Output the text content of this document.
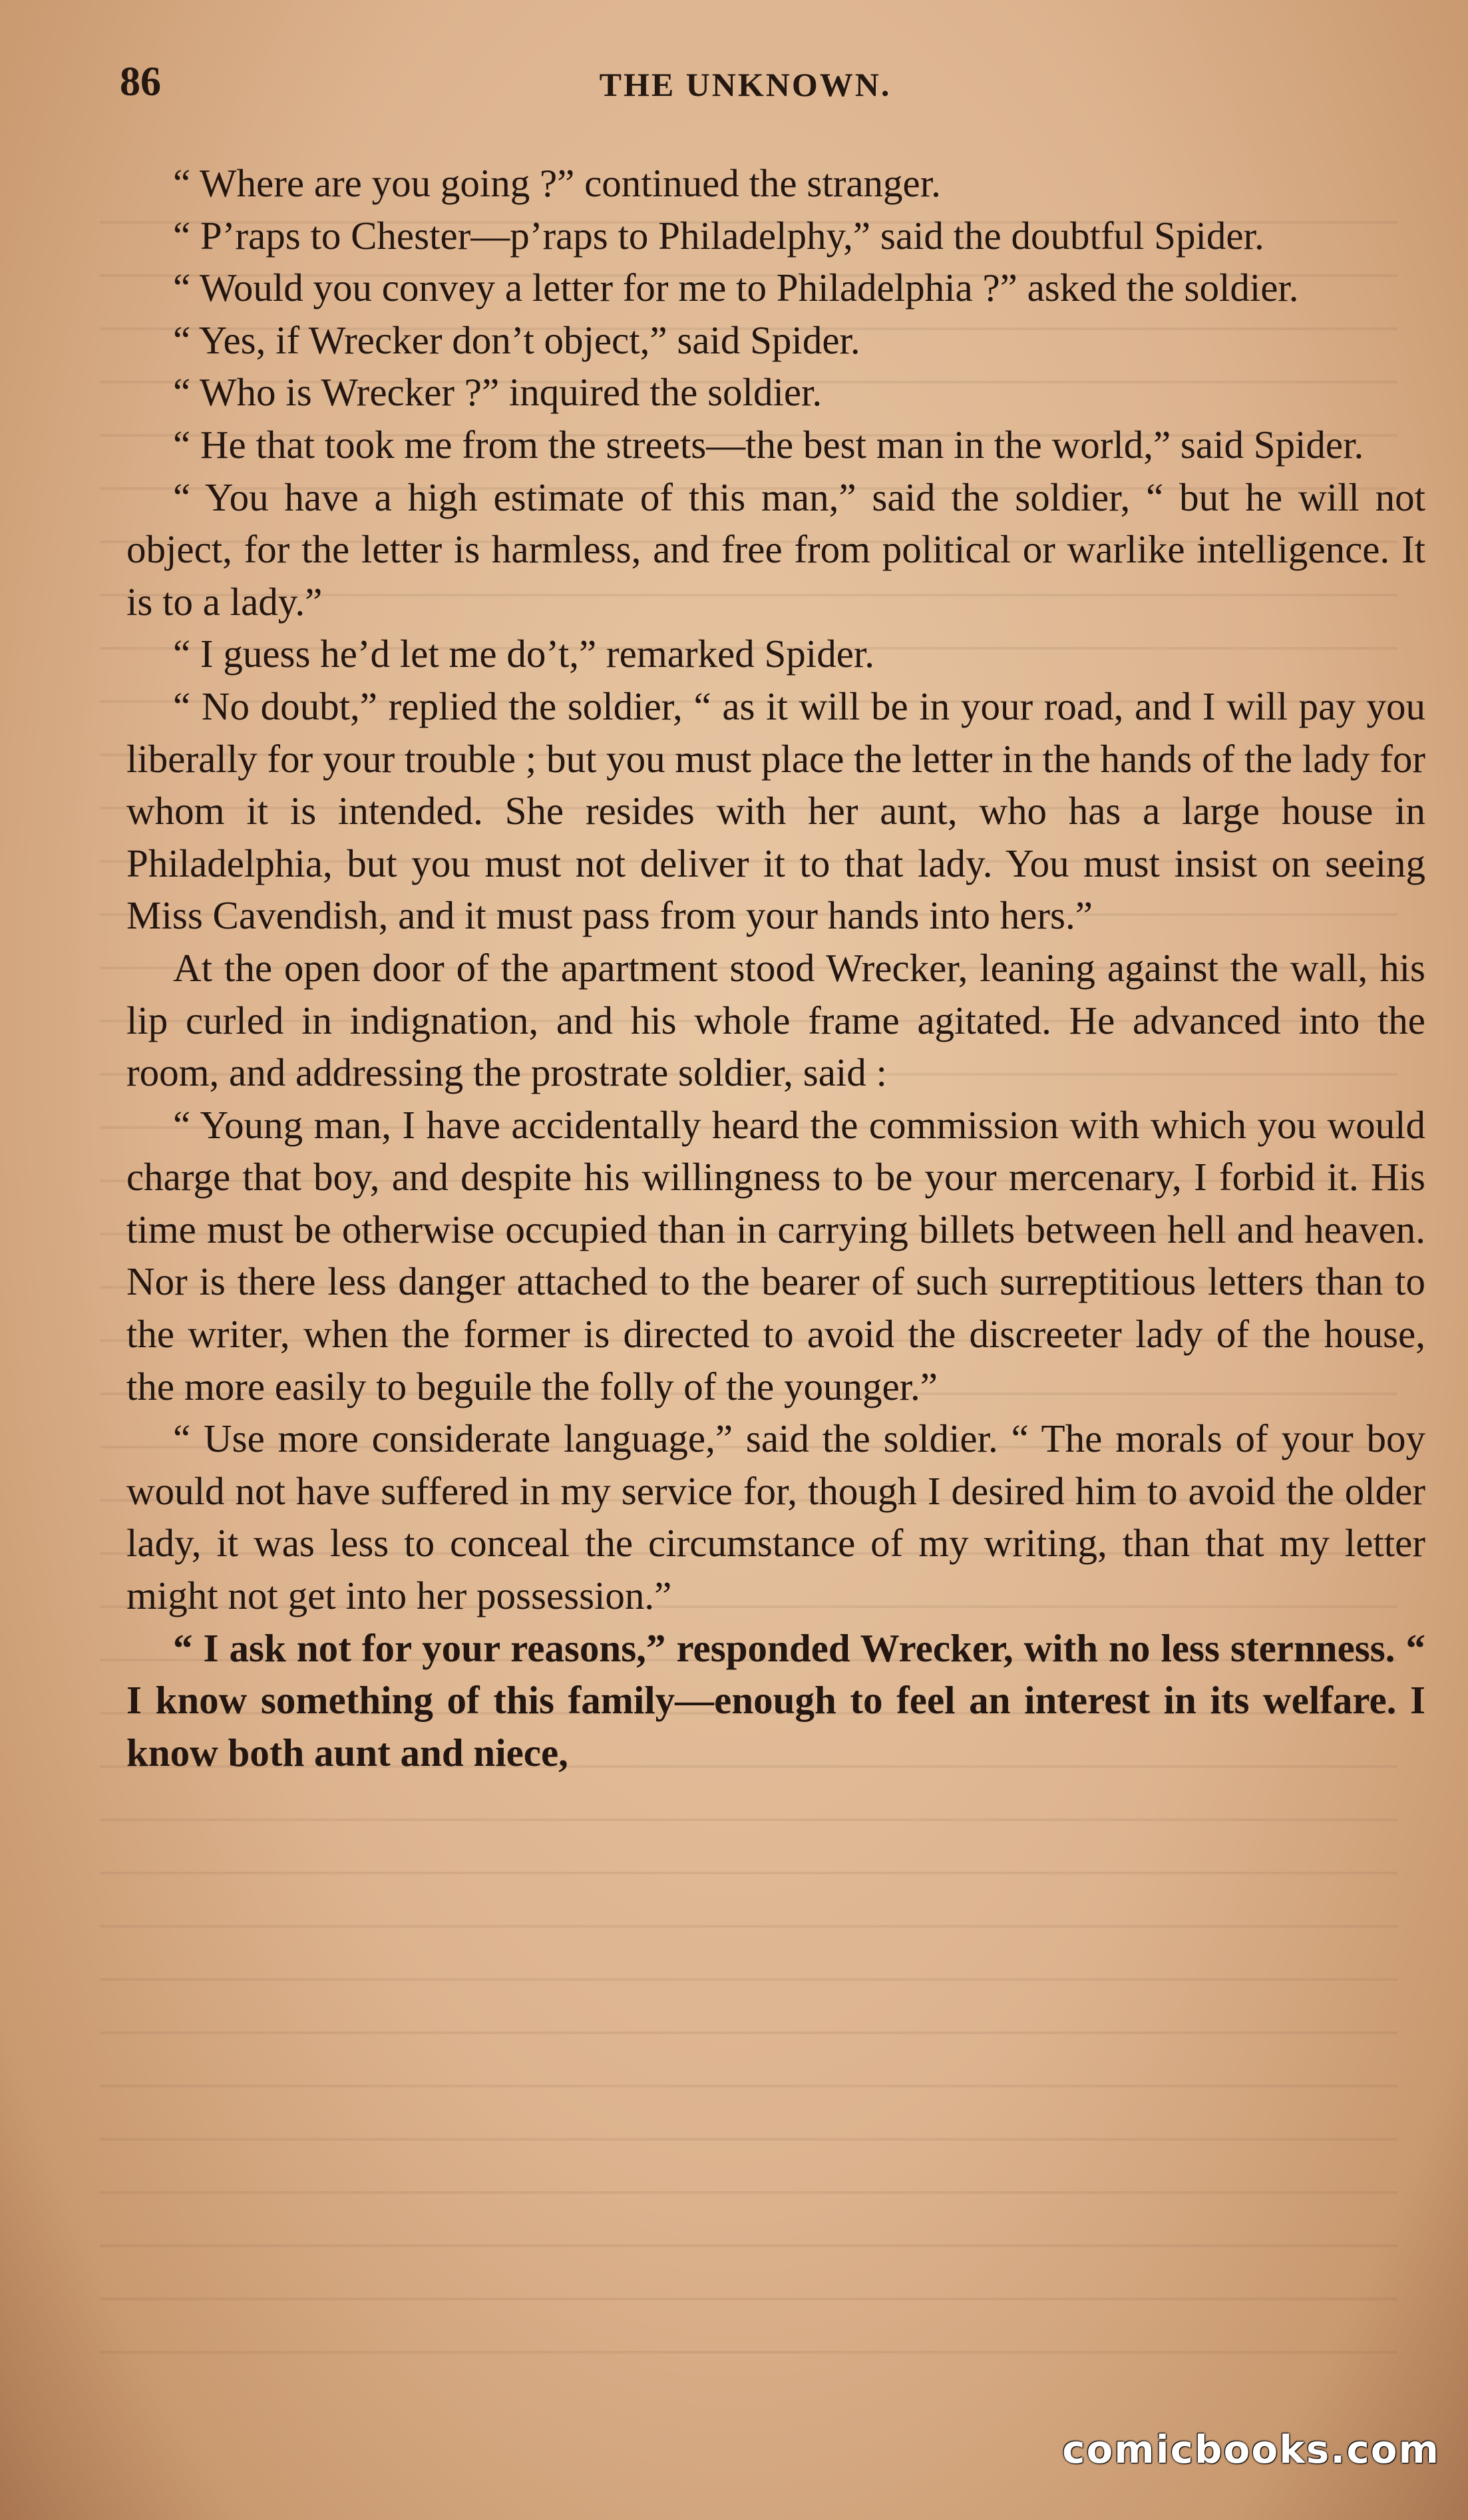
86	THE UNKNOWN.

“ Where are you going ?” continued the stranger.

“ P’raps to Chester—p’raps to Philadelphy,” said the doubtful Spider.

“ Would you convey a letter for me to Philadelphia ?” asked the soldier.

“ Yes, if Wrecker don’t object,” said Spider.

“ Who is Wrecker ?” inquired the soldier.

“ He that took me from the streets—the best man in the world,” said Spider.

“ You have a high estimate of this man,” said the soldier, “ but he will not object, for the letter is harmless, and free from political or warlike intelligence. It is to a lady.”

“ I guess he’d let me do’t,” remarked Spider.

“ No doubt,” replied the soldier, “ as it will be in your road, and I will pay you liberally for your trouble ; but you must place the letter in the hands of the lady for whom it is intended. She resides with her aunt, who has a large house in Philadelphia, but you must not deliver it to that lady. You must insist on seeing Miss Cavendish, and it must pass from your hands into hers.”

At the open door of the apartment stood Wrecker, leaning against the wall, his lip curled in indignation, and his whole frame agitated. He advanced into the room, and addressing the prostrate soldier, said :

“ Young man, I have accidentally heard the commission with which you would charge that boy, and despite his willingness to be your mercenary, I forbid it. His time must be otherwise occupied than in carrying billets between hell and heaven. Nor is there less danger attached to the bearer of such surreptitious letters than to the writer, when the former is directed to avoid the discreeter lady of the house, the more easily to beguile the folly of the younger.”

“ Use more considerate language,” said the soldier. “ The morals of your boy would not have suffered in my service for, though I desired him to avoid the older lady, it was less to conceal the circumstance of my writing, than that my letter might not get into her possession.”

“ I ask not for your reasons,” responded Wrecker, with no less sternness. “ I know something of this family—enough to feel an interest in its welfare. I know both aunt and niece,

comicbooks.com
